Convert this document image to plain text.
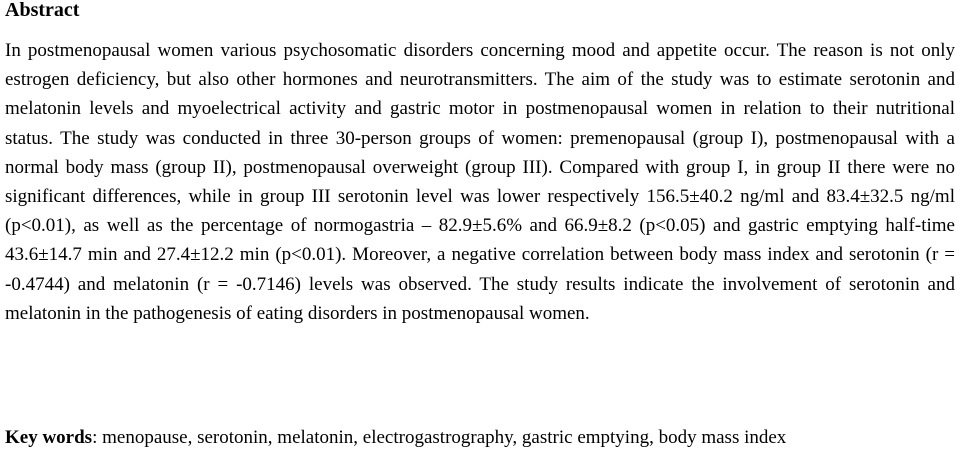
Abstract

In postmenopausal women various psychosomatic disorders concerning mood and appetite occur. The reason is not only estrogen deficiency, but also other hormones and neurotransmitters. The aim of the study was to estimate serotonin and melatonin levels and myoelectrical activity and gastric motor in postmenopausal women in relation to their nutritional status. The study was conducted in three 30-person groups of women: premenopausal (group I), postmenopausal with a normal body mass (group II), postmenopausal overweight (group III). Compared with group I, in group II there were no significant differences, while in group III serotonin level was lower respectively 156.5±40.2 ng/ml and 83.4±32.5 ng/ml (p<0.01), as well as the percentage of normogastria – 82.9±5.6% and 66.9±8.2 (p<0.05) and gastric emptying half-time 43.6±14.7 min and 27.4±12.2 min (p<0.01). Moreover, a negative correlation between body mass index and serotonin (r = -0.4744) and melatonin (r = -0.7146) levels was observed. The study results indicate the involvement of serotonin and melatonin in the pathogenesis of eating disorders in postmenopausal women.

Key words: menopause, serotonin, melatonin, electrogastrography, gastric emptying, body mass index
